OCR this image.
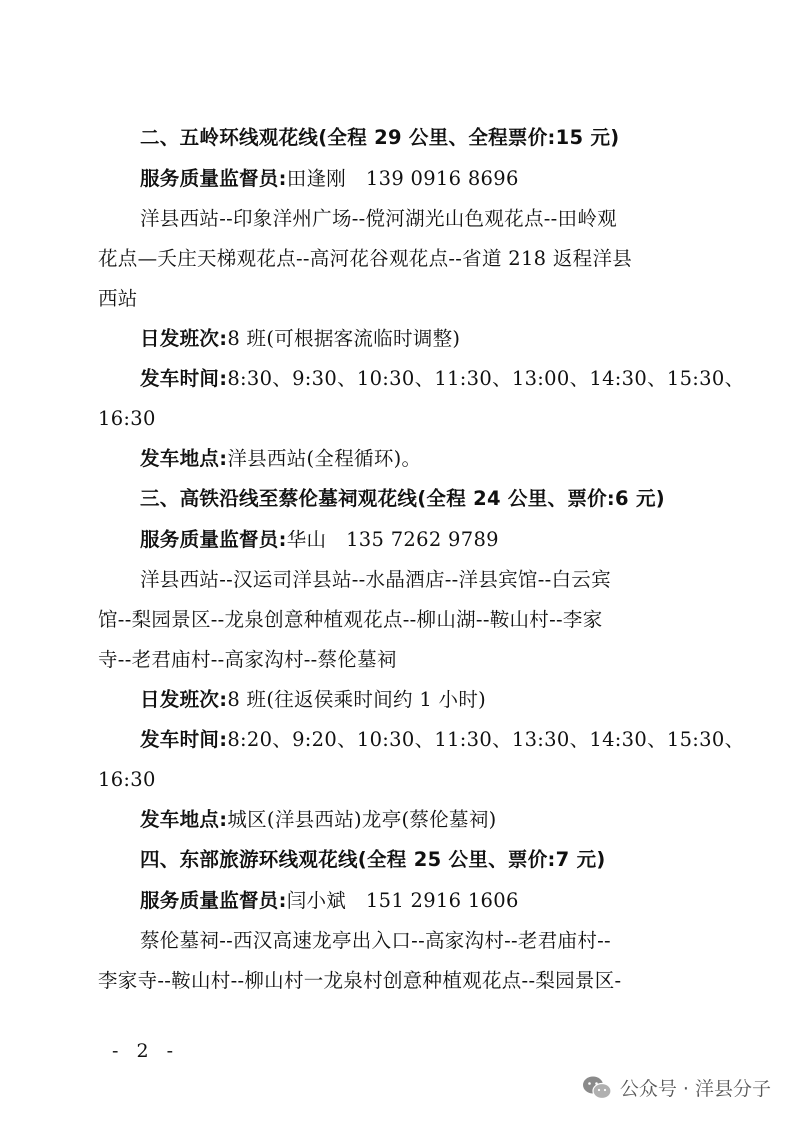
二、五岭环线观花线(全程 29 公里、全程票价:15 元)
服务质量监督员:田逢刚　139 0916 8696
洋县西站--印象洋州广场--傥河湖光山色观花点--田岭观
花点—夭庄天梯观花点--高河花谷观花点--省道 218 返程洋县
西站
日发班次:8 班(可根据客流临时调整)
发车时间:8:30、9:30、10:30、11:30、13:00、14:30、15:30、
16:30
发车地点:洋县西站(全程循环)。
三、高铁沿线至蔡伦墓祠观花线(全程 24 公里、票价:6 元)
服务质量监督员:华山　135 7262 9789
洋县西站--汉运司洋县站--水晶酒店--洋县宾馆--白云宾
馆--梨园景区--龙泉创意种植观花点--柳山湖--鞍山村--李家
寺--老君庙村--高家沟村--蔡伦墓祠
日发班次:8 班(往返侯乘时间约 1 小时)
发车时间:8:20、9:20、10:30、11:30、13:30、14:30、15:30、
16:30
发车地点:城区(洋县西站)龙亭(蔡伦墓祠)
四、东部旅游环线观花线(全程 25 公里、票价:7 元)
服务质量监督员:闫小斌　151 2916 1606
蔡伦墓祠--西汉高速龙亭出入口--高家沟村--老君庙村--
李家寺--鞍山村--柳山村一龙泉村创意种植观花点--梨园景区-
- 2 -
公众号 · 洋县分子
